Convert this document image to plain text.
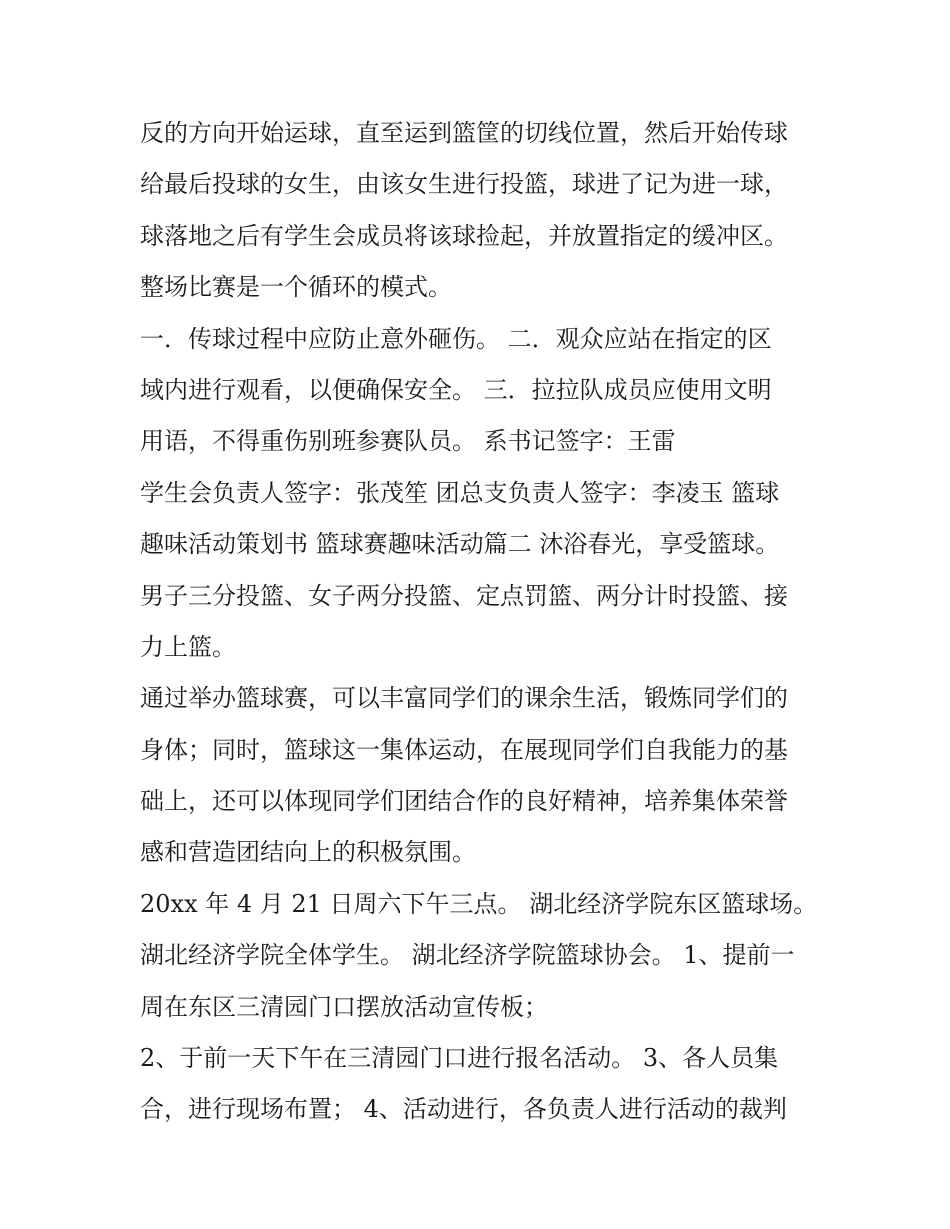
反的方向开始运球，直至运到篮筐的切线位置，然后开始传球
给最后投球的女生，由该女生进行投篮，球进了记为进一球，
球落地之后有学生会成员将该球捡起，并放置指定的缓冲区。
整场比赛是一个循环的模式。
一．传球过程中应防止意外砸伤。 二．观众应站在指定的区
域内进行观看，以便确保安全。 三．拉拉队成员应使用文明
用语，不得重伤别班参赛队员。 系书记签字：王雷
学生会负责人签字：张茂笙 团总支负责人签字：李凌玉 篮球
趣味活动策划书 篮球赛趣味活动篇二 沐浴春光，享受篮球。
男子三分投篮、女子两分投篮、定点罚篮、两分计时投篮、接
力上篮。
通过举办篮球赛，可以丰富同学们的课余生活，锻炼同学们的
身体；同时，篮球这一集体运动，在展现同学们自我能力的基
础上，还可以体现同学们团结合作的良好精神，培养集体荣誉
感和营造团结向上的积极氛围。
20xx 年 4 月 21 日周六下午三点。 湖北经济学院东区篮球场。
湖北经济学院全体学生。 湖北经济学院篮球协会。 1、提前一
周在东区三清园门口摆放活动宣传板；
2、于前一天下午在三清园门口进行报名活动。 3、各人员集
合，进行现场布置； 4、活动进行，各负责人进行活动的裁判
